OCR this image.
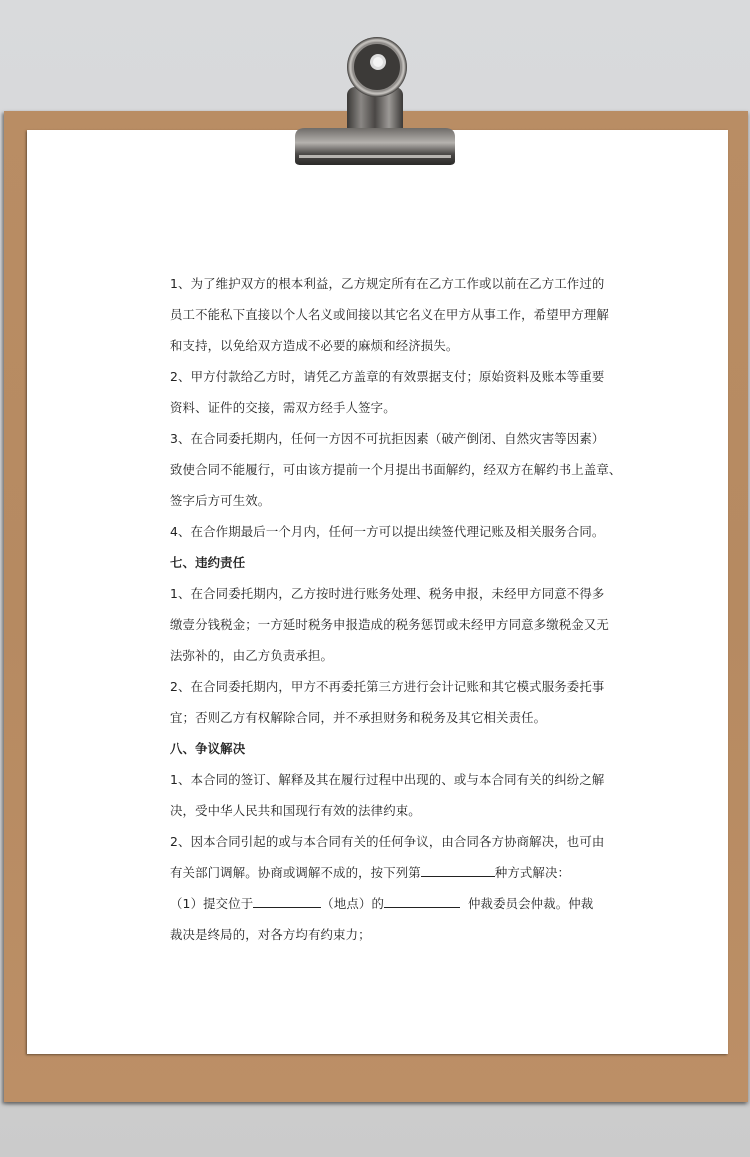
1、为了维护双方的根本利益，乙方规定所有在乙方工作或以前在乙方工作过的
员工不能私下直接以个人名义或间接以其它名义在甲方从事工作，希望甲方理解
和支持，以免给双方造成不必要的麻烦和经济损失。
2、甲方付款给乙方时，请凭乙方盖章的有效票据支付；原始资料及账本等重要
资料、证件的交接，需双方经手人签字。
3、在合同委托期内，任何一方因不可抗拒因素（破产倒闭、自然灾害等因素）
致使合同不能履行，可由该方提前一个月提出书面解约，经双方在解约书上盖章、
签字后方可生效。
4、在合作期最后一个月内，任何一方可以提出续签代理记账及相关服务合同。
七、违约责任
1、在合同委托期内，乙方按时进行账务处理、税务申报，未经甲方同意不得多
缴壹分钱税金；一方延时税务申报造成的税务惩罚或未经甲方同意多缴税金又无
法弥补的，由乙方负责承担。
2、在合同委托期内，甲方不再委托第三方进行会计记账和其它模式服务委托事
宜；否则乙方有权解除合同，并不承担财务和税务及其它相关责任。
八、争议解决
1、本合同的签订、解释及其在履行过程中出现的、或与本合同有关的纠纷之解
决，受中华人民共和国现行有效的法律约束。
2、因本合同引起的或与本合同有关的任何争议，由合同各方协商解决，也可由
有关部门调解。协商或调解不成的，按下列第	种方式解决：
（1）提交位于	（地点）的	仲裁委员会仲裁。仲裁
裁决是终局的，对各方均有约束力；
